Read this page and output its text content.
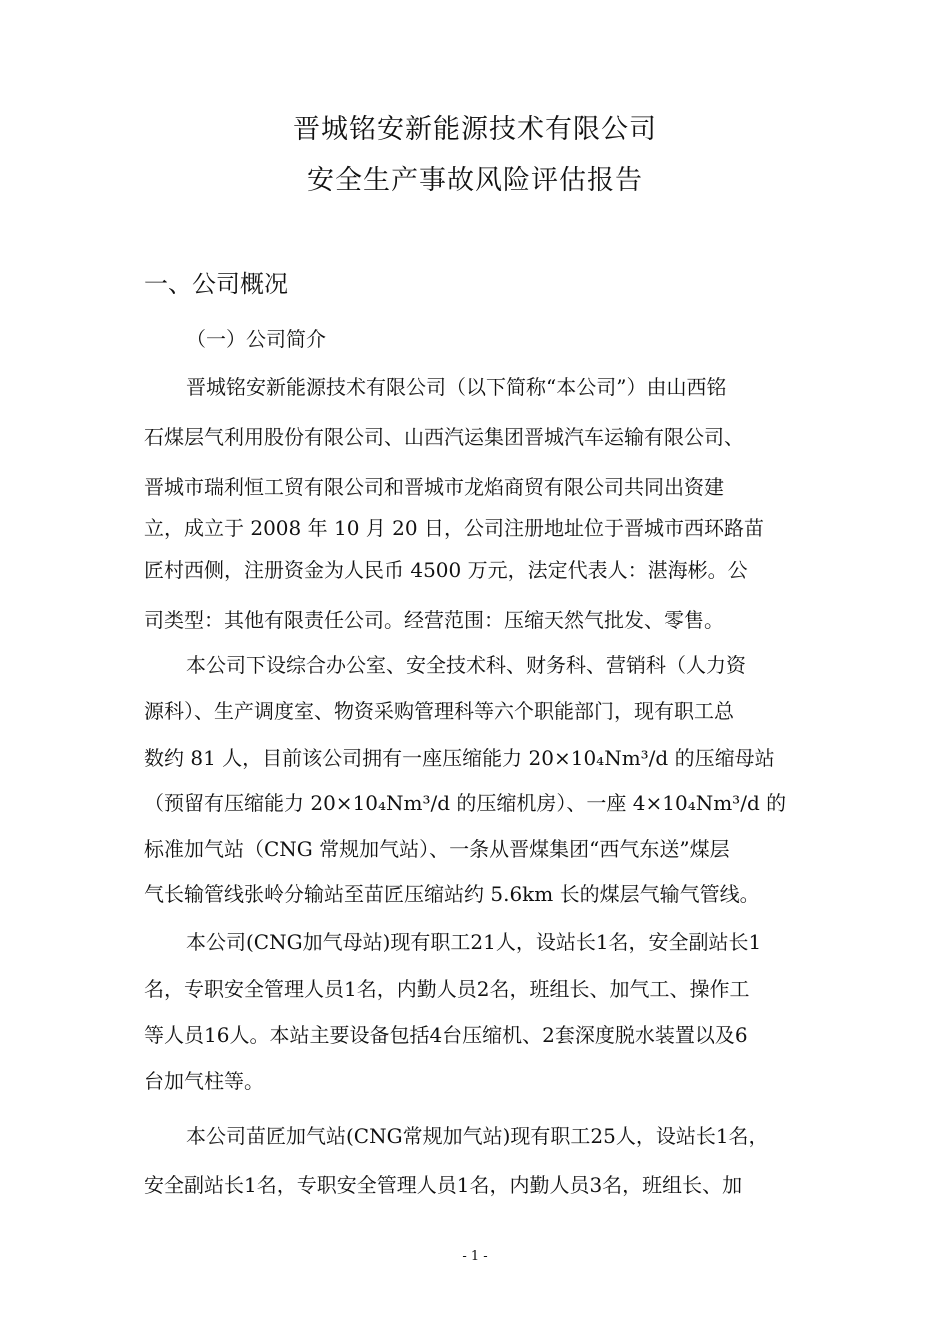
晋城铭安新能源技术有限公司
安全生产事故风险评估报告
一、公司概况
（一）公司简介
晋城铭安新能源技术有限公司（以下简称“本公司”）由山西铭
石煤层气利用股份有限公司、山西汽运集团晋城汽车运输有限公司、
晋城市瑞利恒工贸有限公司和晋城市龙焰商贸有限公司共同出资建
立，成立于 2008 年 10 月 20 日，公司注册地址位于晋城市西环路苗
匠村西侧，注册资金为人民币 4500 万元，法定代表人：湛海彬。公
司类型：其他有限责任公司。经营范围：压缩天然气批发、零售。
本公司下设综合办公室、安全技术科、财务科、营销科（人力资
源科）、生产调度室、物资采购管理科等六个职能部门，现有职工总
数约 81 人，目前该公司拥有一座压缩能力 20×10₄Nm³/d 的压缩母站
（预留有压缩能力 20×10₄Nm³/d 的压缩机房）、一座 4×10₄Nm³/d 的
标准加气站（CNG 常规加气站）、一条从晋煤集团“西气东送”煤层
气长输管线张岭分输站至苗匠压缩站约 5.6km 长的煤层气输气管线。
本公司(CNG加气母站)现有职工21人，设站长1名，安全副站长1
名，专职安全管理人员1名，内勤人员2名，班组长、加气工、操作工
等人员16人。本站主要设备包括4台压缩机、2套深度脱水装置以及6
台加气柱等。
本公司苗匠加气站(CNG常规加气站)现有职工25人，设站长1名，
安全副站长1名，专职安全管理人员1名，内勤人员3名，班组长、加
- 1 -
